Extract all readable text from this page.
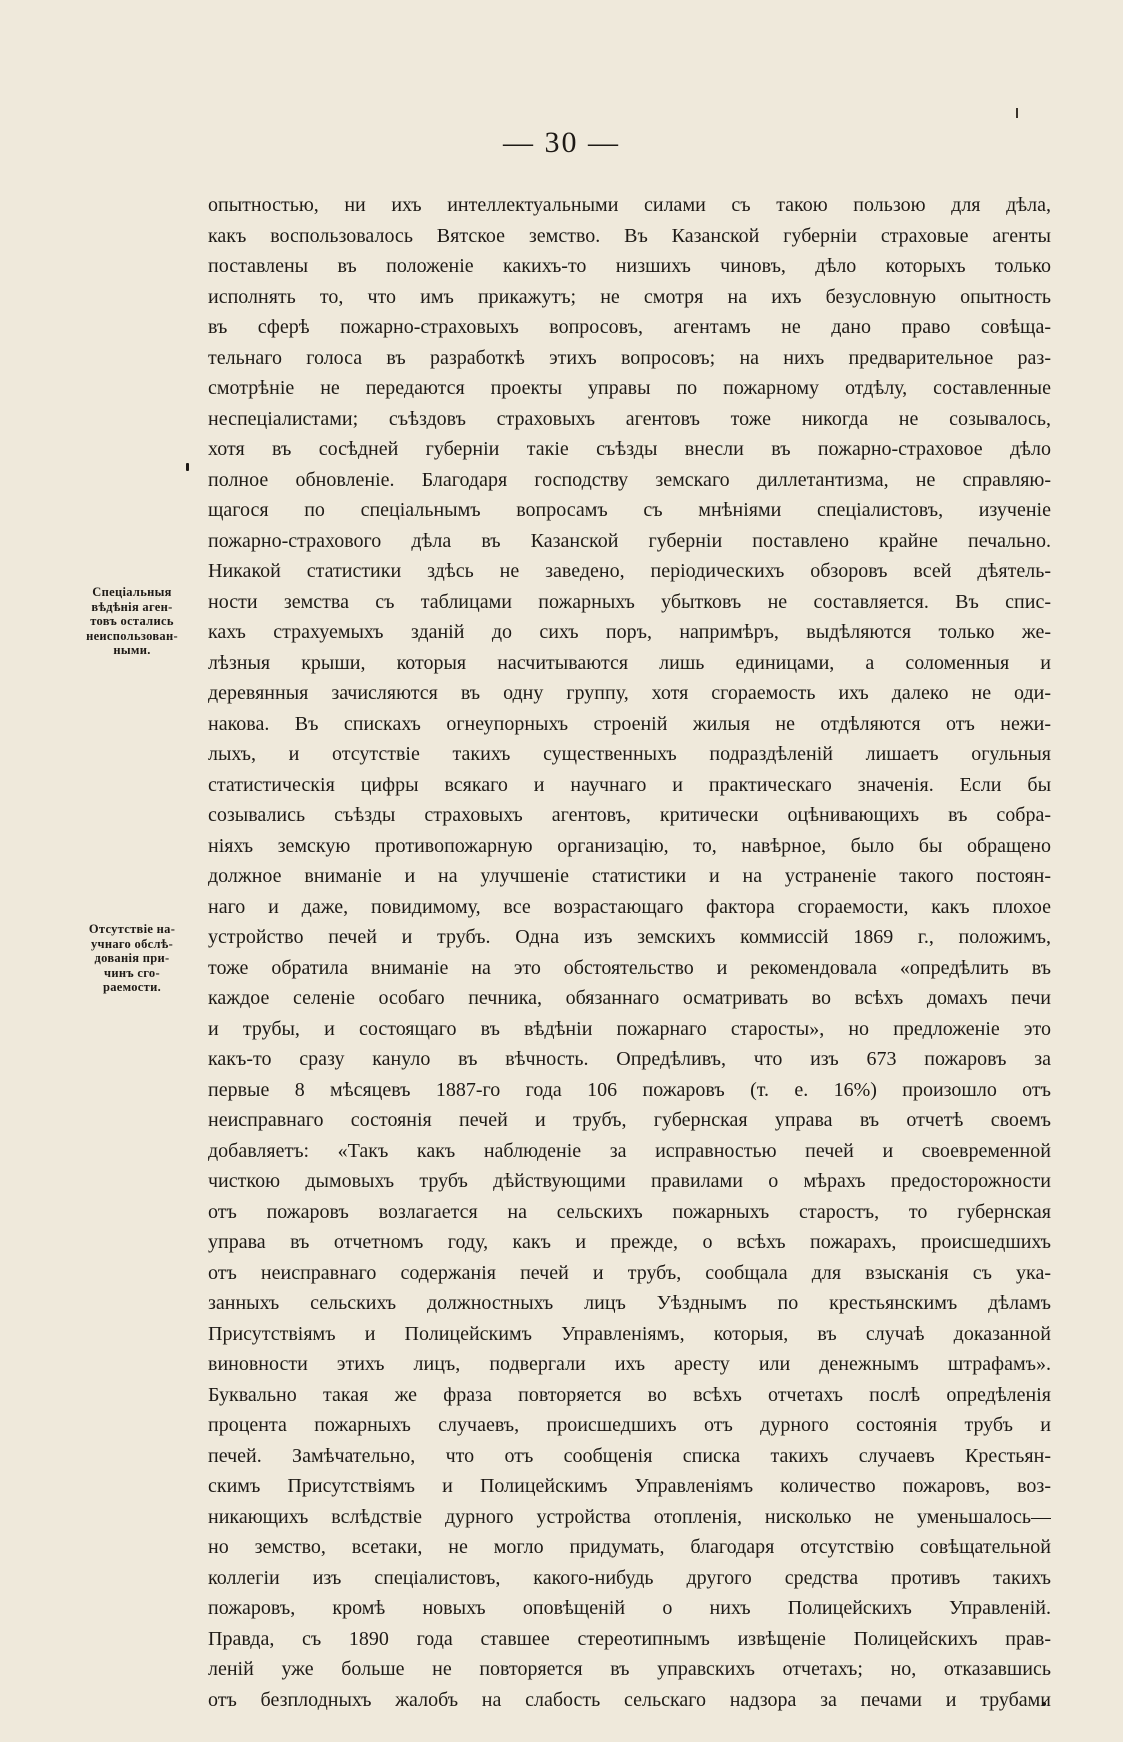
— 30 —
Спеціальныя
вѣдѣнія аген-
товъ остались
неиспользован-
ными.
Отсутствіе на-
учнаго обслѣ-
дованія при-
чинъ сго-
раемости.
опытностью, ни ихъ интеллектуальными силами съ такою пользою для дѣла,
какъ воспользовалось Вятское земство. Въ Казанской губерніи страховые агенты
поставлены въ положеніе какихъ-то низшихъ чиновъ, дѣло которыхъ только
исполнять то, что имъ прикажутъ; не смотря на ихъ безусловную опытность
въ сферѣ пожарно-страховыхъ вопросовъ, агентамъ не дано право совѣща-
тельнаго голоса въ разработкѣ этихъ вопросовъ; на нихъ предварительное раз-
смотрѣніе не передаются проекты управы по пожарному отдѣлу, составленные
неспеціалистами; съѣздовъ страховыхъ агентовъ тоже никогда не созывалось,
хотя въ сосѣдней губерніи такіе съѣзды внесли въ пожарно-страховое дѣло
полное обновленіе. Благодаря господству земскаго диллетантизма, не справляю-
щагося по спеціальнымъ вопросамъ съ мнѣніями спеціалистовъ, изученіе
пожарно-страхового дѣла въ Казанской губерніи поставлено крайне печально.
Никакой статистики здѣсь не заведено, періодическихъ обзоровъ всей дѣятель-
ности земства съ таблицами пожарныхъ убытковъ не составляется. Въ спис-
кахъ страхуемыхъ зданій до сихъ поръ, напримѣръ, выдѣляются только же-
лѣзныя крыши, которыя насчитываются лишь единицами, а соломенныя и
деревянныя зачисляются въ одну группу, хотя сгораемость ихъ далеко не оди-
накова. Въ спискахъ огнеупорныхъ строеній жилыя не отдѣляются отъ нежи-
лыхъ, и отсутствіе такихъ существенныхъ подраздѣленій лишаетъ огульныя
статистическія цифры всякаго и научнаго и практическаго значенія. Если бы
созывались съѣзды страховыхъ агентовъ, критически оцѣнивающихъ въ собра-
ніяхъ земскую противопожарную организацію, то, навѣрное, было бы обращено
должное вниманіе и на улучшеніе статистики и на устраненіе такого постоян-
наго и даже, повидимому, все возрастающаго фактора сгораемости, какъ плохое
устройство печей и трубъ. Одна изъ земскихъ коммиссій 1869 г., положимъ,
тоже обратила вниманіе на это обстоятельство и рекомендовала «опредѣлить въ
каждое селеніе особаго печника, обязаннаго осматривать во всѣхъ домахъ печи
и трубы, и состоящаго въ вѣдѣніи пожарнаго старосты», но предложеніе это
какъ-то сразу кануло въ вѣчность. Опредѣливъ, что изъ 673 пожаровъ за
первые 8 мѣсяцевъ 1887-го года 106 пожаровъ (т. е. 16%) произошло отъ
неисправнаго состоянія печей и трубъ, губернская управа въ отчетѣ своемъ
добавляетъ: «Такъ какъ наблюденіе за исправностью печей и своевременной
чисткою дымовыхъ трубъ дѣйствующими правилами о мѣрахъ предосторожности
отъ пожаровъ возлагается на сельскихъ пожарныхъ старостъ, то губернская
управа въ отчетномъ году, какъ и прежде, о всѣхъ пожарахъ, происшедшихъ
отъ неисправнаго содержанія печей и трубъ, сообщала для взысканія съ ука-
занныхъ сельскихъ должностныхъ лицъ Уѣзднымъ по крестьянскимъ дѣламъ
Присутствіямъ и Полицейскимъ Управленіямъ, которыя, въ случаѣ доказанной
виновности этихъ лицъ, подвергали ихъ аресту или денежнымъ штрафамъ».
Буквально такая же фраза повторяется во всѣхъ отчетахъ послѣ опредѣленія
процента пожарныхъ случаевъ, происшедшихъ отъ дурного состоянія трубъ и
печей. Замѣчательно, что отъ сообщенія списка такихъ случаевъ Крестьян-
скимъ Присутствіямъ и Полицейскимъ Управленіямъ количество пожаровъ, воз-
никающихъ вслѣдствіе дурного устройства отопленія, нисколько не уменьшалось—
но земство, всетаки, не могло придумать, благодаря отсутствію совѣщательной
коллегіи изъ спеціалистовъ, какого-нибудь другого средства противъ такихъ
пожаровъ, кромѣ новыхъ оповѣщеній о нихъ Полицейскихъ Управленій.
Правда, съ 1890 года ставшее стереотипнымъ извѣщеніе Полицейскихъ прав-
леній уже больше не повторяется въ управскихъ отчетахъ; но, отказавшись
отъ безплодныхъ жалобъ на слабость сельскаго надзора за печами и трубами
